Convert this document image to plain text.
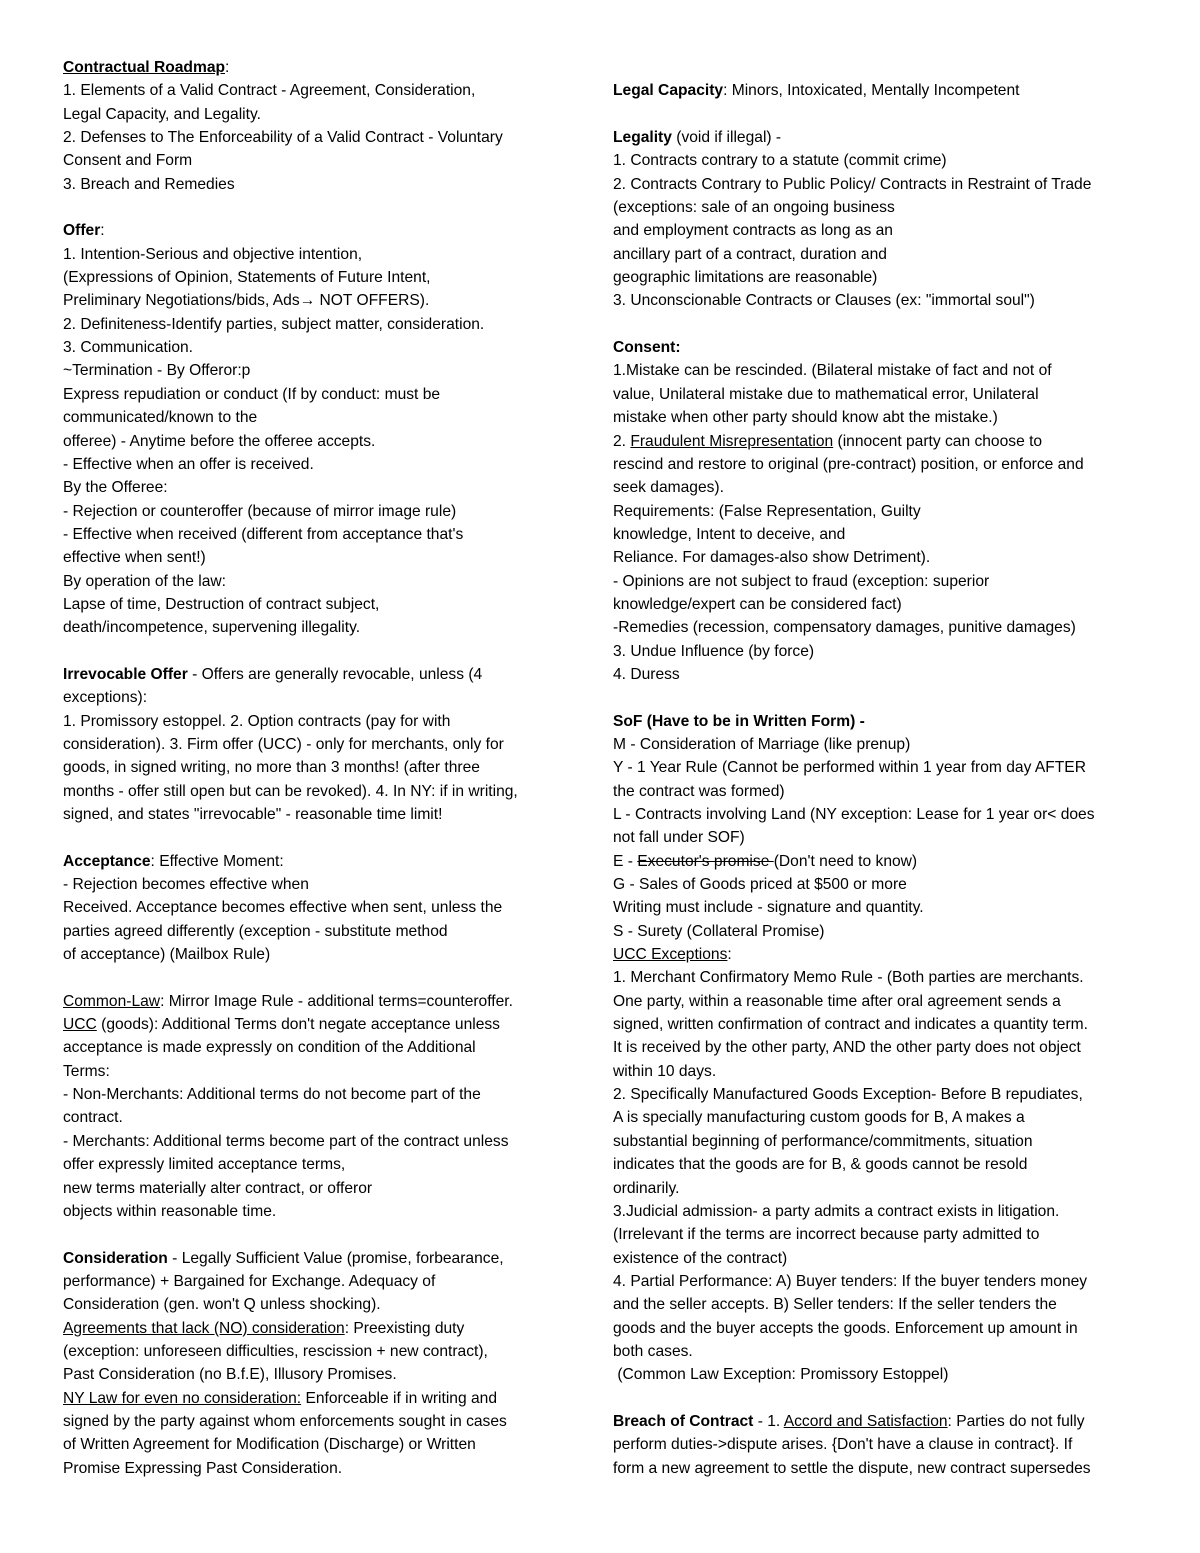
Contractual Roadmap:
1. Elements of a Valid Contract - Agreement, Consideration,
Legal Capacity, and Legality.
2. Defenses to The Enforceability of a Valid Contract - Voluntary
Consent and Form
3. Breach and Remedies
Offer:
1. Intention-Serious and objective intention,
(Expressions of Opinion, Statements of Future Intent,
Preliminary Negotiations/bids, Ads→ NOT OFFERS).
2. Definiteness-Identify parties, subject matter, consideration.
3. Communication.
~Termination - By Offeror:p
Express repudiation or conduct (If by conduct: must be
communicated/known to the
offeree) - Anytime before the offeree accepts.
- Effective when an offer is received.
By the Offeree:
- Rejection or counteroffer (because of mirror image rule)
- Effective when received (different from acceptance that's
effective when sent!)
By operation of the law:
Lapse of time, Destruction of contract subject,
death/incompetence, supervening illegality.
Irrevocable Offer - Offers are generally revocable, unless (4
exceptions):
1. Promissory estoppel. 2. Option contracts (pay for with
consideration). 3. Firm offer (UCC) - only for merchants, only for
goods, in signed writing, no more than 3 months! (after three
months - offer still open but can be revoked). 4. In NY: if in writing,
signed, and states "irrevocable" - reasonable time limit!
Acceptance: Effective Moment:
- Rejection becomes effective when
Received. Acceptance becomes effective when sent, unless the
parties agreed differently (exception - substitute method
of acceptance) (Mailbox Rule)
Common-Law: Mirror Image Rule - additional terms=counteroffer.
UCC (goods): Additional Terms don't negate acceptance unless
acceptance is made expressly on condition of the Additional
Terms:
- Non-Merchants: Additional terms do not become part of the
contract.
- Merchants: Additional terms become part of the contract unless
offer expressly limited acceptance terms,
new terms materially alter contract, or offeror
objects within reasonable time.
Consideration - Legally Sufficient Value (promise, forbearance,
performance) + Bargained for Exchange. Adequacy of
Consideration (gen. won't Q unless shocking).
Agreements that lack (NO) consideration: Preexisting duty
(exception: unforeseen difficulties, rescission + new contract),
Past Consideration (no B.f.E), Illusory Promises.
NY Law for even no consideration: Enforceable if in writing and
signed by the party against whom enforcements sought in cases
of Written Agreement for Modification (Discharge) or Written
Promise Expressing Past Consideration.
Legal Capacity: Minors, Intoxicated, Mentally Incompetent
Legality (void if illegal) -
1. Contracts contrary to a statute (commit crime)
2. Contracts Contrary to Public Policy/ Contracts in Restraint of Trade
(exceptions: sale of an ongoing business
and employment contracts as long as an
ancillary part of a contract, duration and
geographic limitations are reasonable)
3. Unconscionable Contracts or Clauses (ex: "immortal soul")
Consent:
1.Mistake can be rescinded. (Bilateral mistake of fact and not of
value, Unilateral mistake due to mathematical error, Unilateral
mistake when other party should know abt the mistake.)
2. Fraudulent Misrepresentation (innocent party can choose to
rescind and restore to original (pre-contract) position, or enforce and
seek damages).
Requirements: (False Representation, Guilty
knowledge, Intent to deceive, and
Reliance. For damages-also show Detriment).
- Opinions are not subject to fraud (exception: superior
knowledge/expert can be considered fact)
-Remedies (recession, compensatory damages, punitive damages)
3. Undue Influence (by force)
4. Duress
SoF (Have to be in Written Form) -
M - Consideration of Marriage (like prenup)
Y - 1 Year Rule (Cannot be performed within 1 year from day AFTER
the contract was formed)
L - Contracts involving Land (NY exception: Lease for 1 year or< does
not fall under SOF)
E - Executor's promise (Don't need to know)
G - Sales of Goods priced at $500 or more
Writing must include - signature and quantity.
S - Surety (Collateral Promise)
UCC Exceptions:
1. Merchant Confirmatory Memo Rule - (Both parties are merchants.
One party, within a reasonable time after oral agreement sends a
signed, written confirmation of contract and indicates a quantity term.
It is received by the other party, AND the other party does not object
within 10 days.
2. Specifically Manufactured Goods Exception- Before B repudiates,
A is specially manufacturing custom goods for B, A makes a
substantial beginning of performance/commitments, situation
indicates that the goods are for B, & goods cannot be resold
ordinarily.
3.Judicial admission- a party admits a contract exists in litigation.
(Irrelevant if the terms are incorrect because party admitted to
existence of the contract)
4. Partial Performance: A) Buyer tenders: If the buyer tenders money
and the seller accepts. B) Seller tenders: If the seller tenders the
goods and the buyer accepts the goods. Enforcement up amount in
both cases.
(Common Law Exception: Promissory Estoppel)
Breach of Contract - 1. Accord and Satisfaction: Parties do not fully
perform duties->dispute arises. {Don't have a clause in contract}. If
form a new agreement to settle the dispute, new contract supersedes
